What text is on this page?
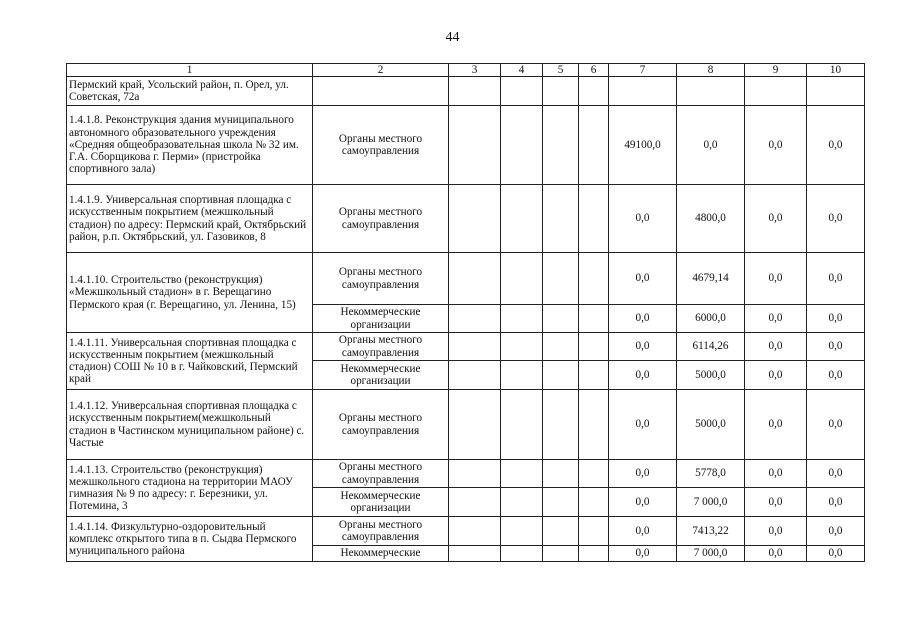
44
1	2	3	4	5	6	7	8	9	10
Пермский край, Усольский район, п. Орел, ул. Советская, 72а									
1.4.1.8. Реконструкция здания муниципального автономного образовательного учреждения «Средняя общеобразовательная школа № 32 им. Г.А. Сборщикова г. Перми» (пристройка спортивного зала)	Органы местного самоуправления					49100,0	0,0	0,0	0,0
1.4.1.9. Универсальная спортивная площадка с искусственным покрытием (межшкольный стадион) по адресу: Пермский край, Октябрьский район, р.п. Октябрьский, ул. Газовиков, 8	Органы местного самоуправления					0,0	4800,0	0,0	0,0
1.4.1.10. Строительство (реконструкция) «Межшкольный стадион» в г. Верещагино Пермского края (г. Верещагино, ул. Ленина, 15)	Органы местного самоуправления					0,0	4679,14	0,0	0,0
	Некоммерческие организации					0,0	6000,0	0,0	0,0
1.4.1.11. Универсальная спортивная площадка с искусственным покрытием (межшкольный стадион) СОШ № 10 в г. Чайковский, Пермский край	Органы местного самоуправления					0,0	6114,26	0,0	0,0
	Некоммерческие организации					0,0	5000,0	0,0	0,0
1.4.1.12. Универсальная спортивная площадка с искусственным покрытием(межшкольный стадион в Частинском муниципальном районе) с. Частые	Органы местного самоуправления					0,0	5000,0	0,0	0,0
1.4.1.13. Строительство (реконструкция) межшкольного стадиона на территории МАОУ гимназия № 9 по адресу: г. Березники, ул. Потемина, 3	Органы местного самоуправления					0,0	5778,0	0,0	0,0
	Некоммерческие организации					0,0	7 000,0	0,0	0,0
1.4.1.14. Физкультурно-оздоровительный комплекс открытого типа в п. Сыдва Пермского муниципального района	Органы местного самоуправления					0,0	7413,22	0,0	0,0
	Некоммерческие					0,0	7 000,0	0,0	0,0
